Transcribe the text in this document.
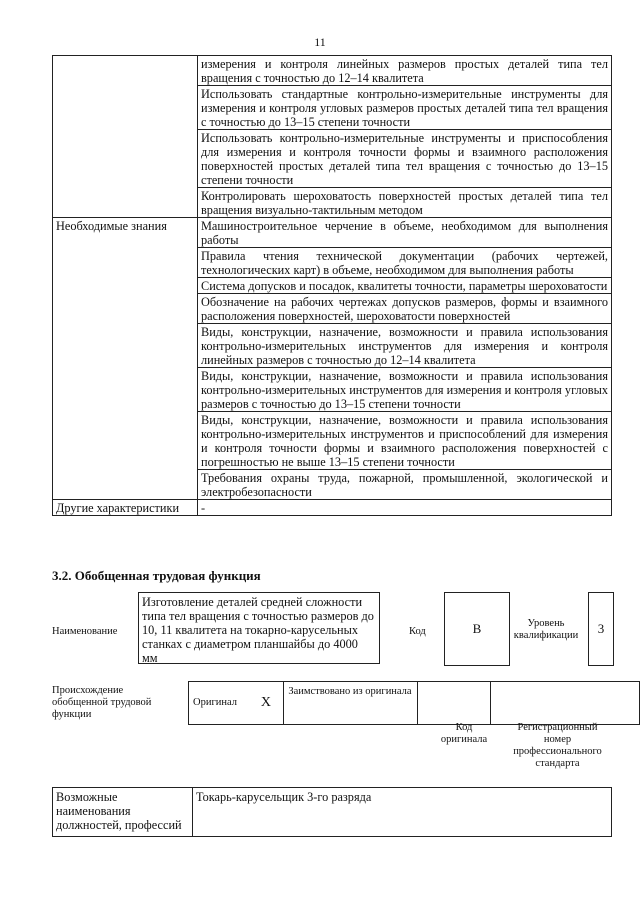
11
	измерения и контроля линейных размеров простых деталей типа тел вращения с точностью до 12–14 квалитета
	Использовать стандартные контрольно-измерительные инструменты для измерения и контроля угловых размеров простых деталей типа тел вращения с точностью до 13–15 степени точности
	Использовать контрольно-измерительные инструменты и приспособления для измерения и контроля точности формы и взаимного расположения поверхностей простых деталей типа тел вращения с точностью до 13–15 степени точности
	Контролировать шероховатость поверхностей простых деталей типа тел вращения визуально-тактильным методом
Необходимые знания	Машиностроительное черчение в объеме, необходимом для выполнения работы
	Правила чтения технической документации (рабочих чертежей, технологических карт) в объеме, необходимом для выполнения работы
	Система допусков и посадок, квалитеты точности, параметры шероховатости
	Обозначение на рабочих чертежах допусков размеров, формы и взаимного расположения поверхностей, шероховатости поверхностей
	Виды, конструкции, назначение, возможности и правила использования контрольно-измерительных инструментов для измерения и контроля линейных размеров с точностью до 12–14 квалитета
	Виды, конструкции, назначение, возможности и правила использования контрольно-измерительных инструментов для измерения и контроля угловых размеров с точностью до 13–15 степени точности
	Виды, конструкции, назначение, возможности и правила использования контрольно-измерительных инструментов и приспособлений для измерения и контроля точности формы и взаимного расположения поверхностей с погрешностью не выше 13–15 степени точности
	Требования охраны труда, пожарной, промышленной, экологической и электробезопасности
Другие характеристики	-
3.2. Обобщенная трудовая функция
Наименование
Изготовление деталей средней сложности типа тел вращения с точностью размеров до 10, 11 квалитета на токарно-карусельных станках с диаметром планшайбы до 4000 мм
Код	В	Уровень квалификации	3
Происхождение обобщенной трудовой функции
Оригинал	Х	Заимствовано из оригинала		
Код оригинала
Регистрационный номер профессионального стандарта
Возможные наименования должностей, профессий	Токарь-карусельщик 3-го разряда
